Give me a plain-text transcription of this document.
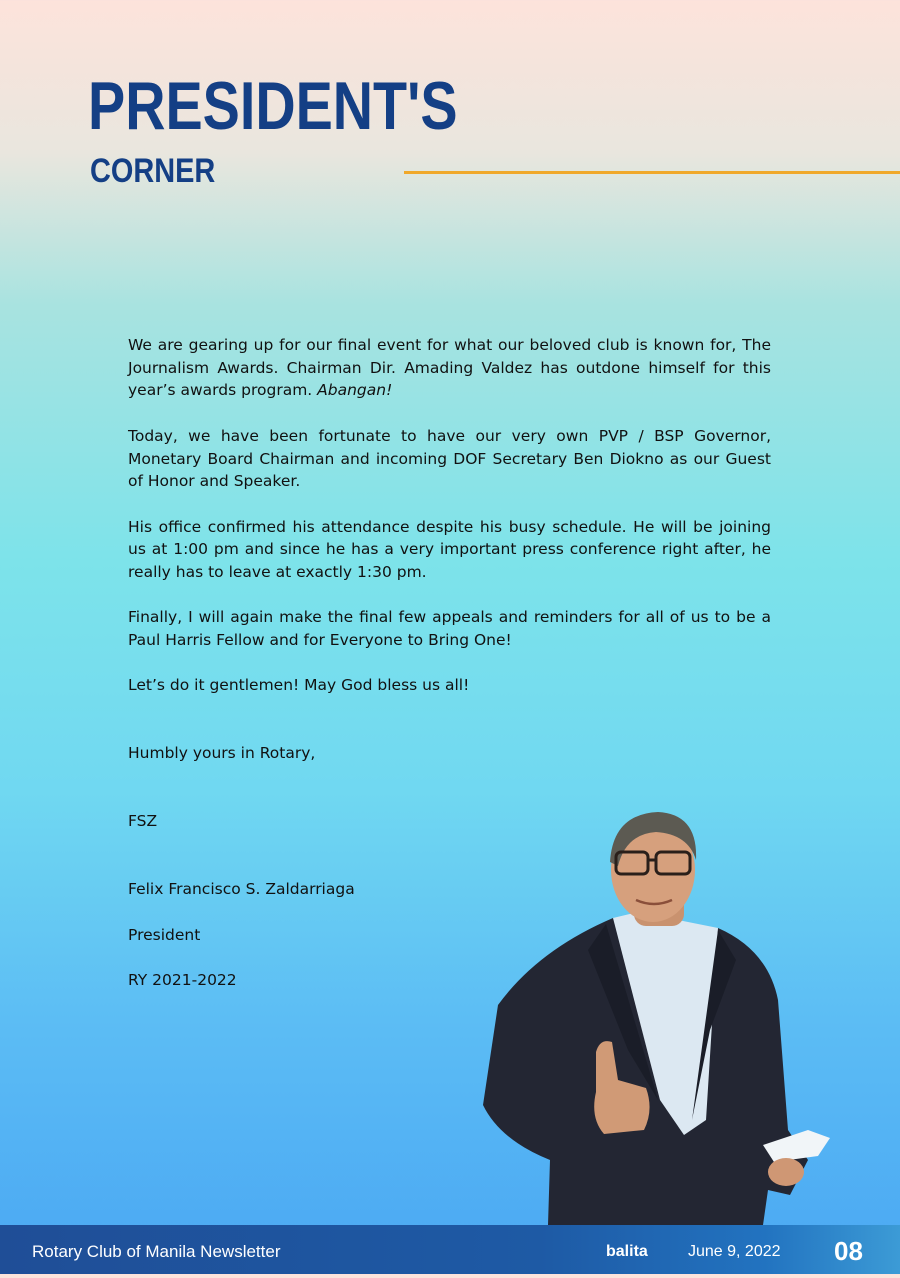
PRESIDENT'S
CORNER

We are gearing up for our final event for what our beloved club is known for, The Journalism Awards. Chairman Dir. Amading Valdez has outdone himself for this year’s awards program. Abangan!

Today, we have been fortunate to have our very own PVP / BSP Governor, Monetary Board Chairman and incoming DOF Secretary Ben Diokno as our Guest of Honor and Speaker.

His office confirmed his attendance despite his busy schedule. He will be joining us at 1:00 pm and since he has a very important press conference right after, he really has to leave at exactly 1:30 pm.

Finally, I will again make the final few appeals and reminders for all of us to be a Paul Harris Fellow and for Everyone to Bring One!

Let’s do it gentlemen! May God bless us all!

Humbly yours in Rotary,

FSZ

Felix Francisco S. Zaldarriaga

President

RY 2021-2022

Rotary Club of Manila Newsletter	balita	June 9, 2022 08
